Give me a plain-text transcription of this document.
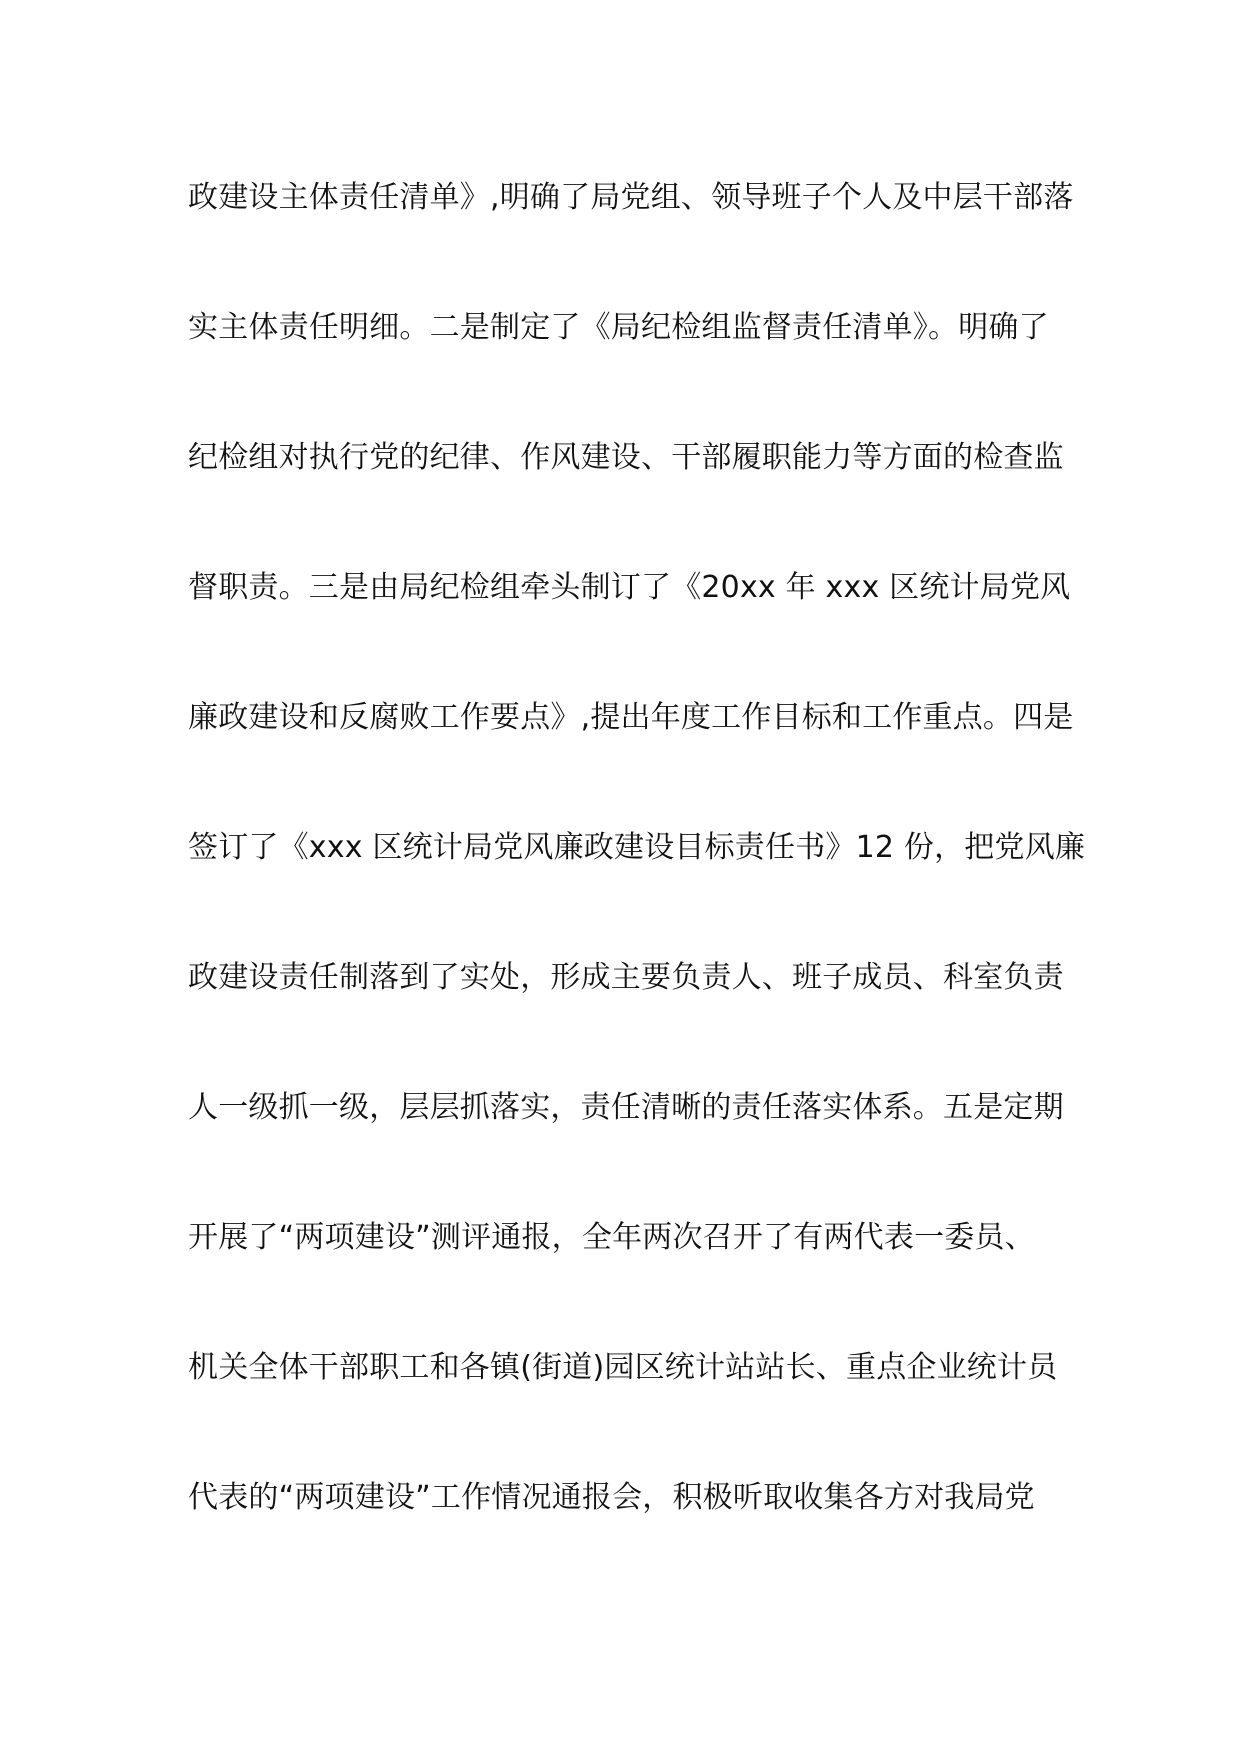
政建设主体责任清单》,明确了局党组、领导班子个人及中层干部落
实主体责任明细。二是制定了《局纪检组监督责任清单》。明确了
纪检组对执行党的纪律、作风建设、干部履职能力等方面的检查监
督职责。三是由局纪检组牵头制订了《20xx 年 xxx 区统计局党风
廉政建设和反腐败工作要点》,提出年度工作目标和工作重点。四是
签订了《xxx 区统计局党风廉政建设目标责任书》12 份，把党风廉
政建设责任制落到了实处，形成主要负责人、班子成员、科室负责
人一级抓一级，层层抓落实，责任清晰的责任落实体系。五是定期
开展了“两项建设”测评通报，全年两次召开了有两代表一委员、
机关全体干部职工和各镇(街道)园区统计站站长、重点企业统计员
代表的“两项建设”工作情况通报会，积极听取收集各方对我局党
